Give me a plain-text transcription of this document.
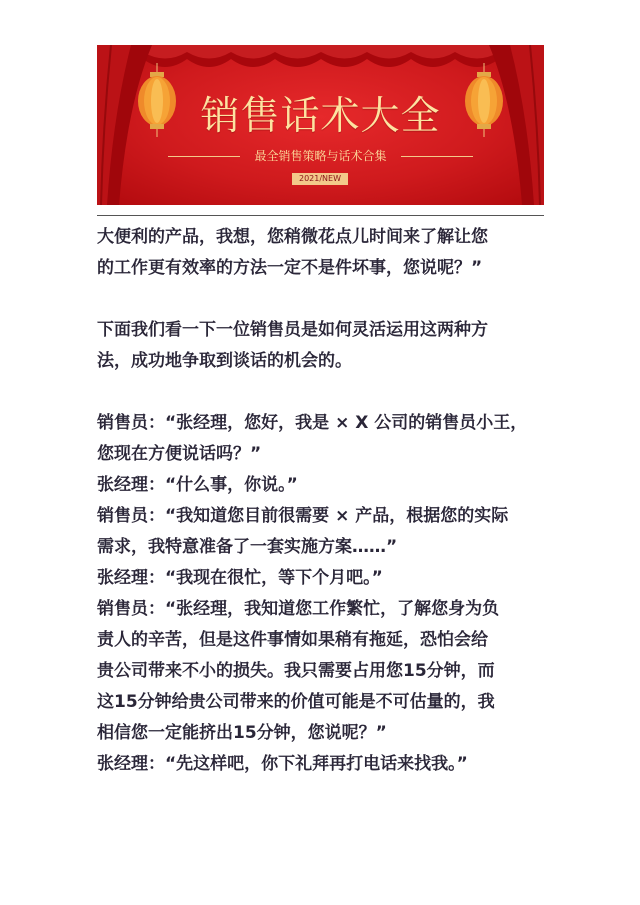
销售话术大全
最全销售策略与话术合集
2021/NEW

大便利的产品，我想，您稍微花点儿时间来了解让您

的工作更有效率的方法一定不是件坏事，您说呢？”

下面我们看一下一位销售员是如何灵活运用这两种方

法，成功地争取到谈话的机会的。

销售员：“张经理，您好，我是 × X 公司的销售员小王，

您现在方便说话吗？”

张经理：“什么事，你说。”

销售员：“我知道您目前很需要 × 产品，根据您的实际

需求，我特意准备了一套实施方案……”

张经理：“我现在很忙，等下个月吧。”

销售员：“张经理，我知道您工作繁忙，了解您身为负

责人的辛苦，但是这件事情如果稍有拖延，恐怕会给

贵公司带来不小的损失。我只需要占用您15分钟，而

这15分钟给贵公司带来的价值可能是不可估量的，我

相信您一定能挤出15分钟，您说呢？”

张经理：“先这样吧，你下礼拜再打电话来找我。”
